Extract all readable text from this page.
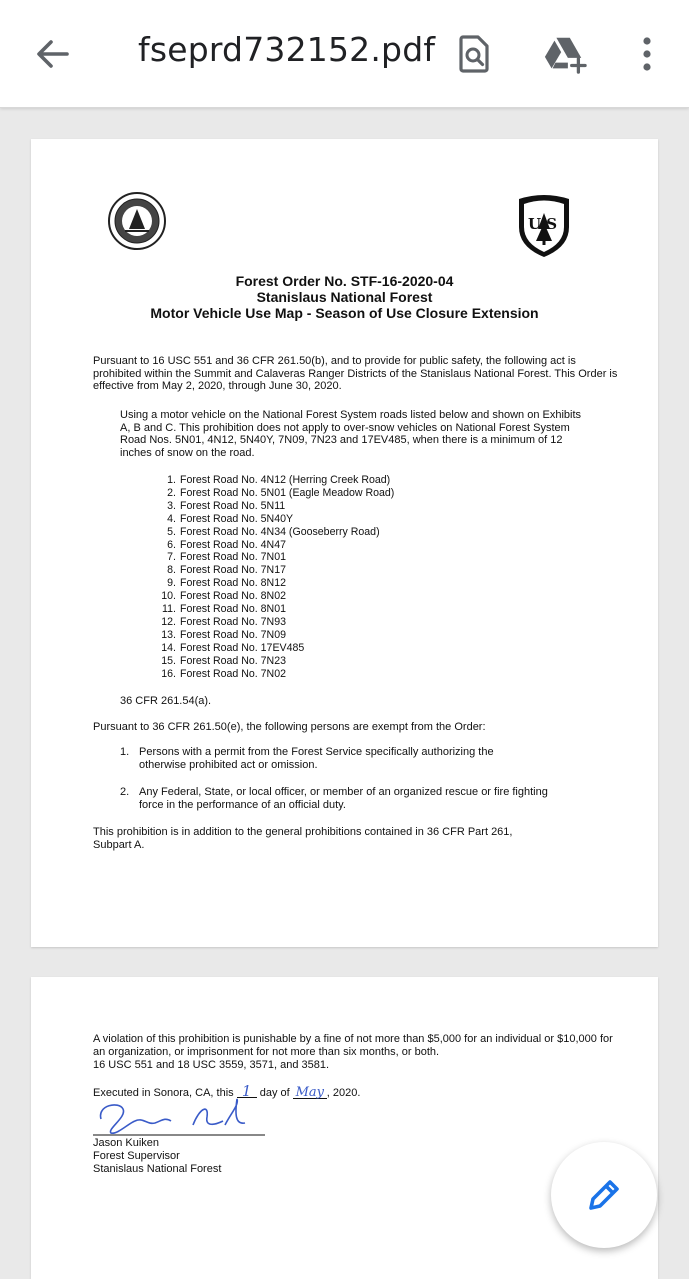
fseprd732152.pdf
U S
Forest Order No. STF-16-2020-04
Stanislaus National Forest
Motor Vehicle Use Map - Season of Use Closure Extension
Pursuant to 16 USC 551 and 36 CFR 261.50(b), and to provide for public safety, the following act is prohibited within the Summit and Calaveras Ranger Districts of the Stanislaus National Forest. This Order is effective from May 2, 2020, through June 30, 2020.
Using a motor vehicle on the National Forest System roads listed below and shown on Exhibits A, B and C. This prohibition does not apply to over-snow vehicles on National Forest System Road Nos. 5N01, 4N12, 5N40Y, 7N09, 7N23 and 17EV485, when there is a minimum of 12 inches of snow on the road.
1. Forest Road No. 4N12 (Herring Creek Road)
2. Forest Road No. 5N01 (Eagle Meadow Road)
3. Forest Road No. 5N11
4. Forest Road No. 5N40Y
5. Forest Road No. 4N34 (Gooseberry Road)
6. Forest Road No. 4N47
7. Forest Road No. 7N01
8. Forest Road No. 7N17
9. Forest Road No. 8N12
10. Forest Road No. 8N02
11. Forest Road No. 8N01
12. Forest Road No. 7N93
13. Forest Road No. 7N09
14. Forest Road No. 17EV485
15. Forest Road No. 7N23
16. Forest Road No. 7N02
36 CFR 261.54(a).
Pursuant to 36 CFR 261.50(e), the following persons are exempt from the Order:
1. Persons with a permit from the Forest Service specifically authorizing the otherwise prohibited act or omission.
2. Any Federal, State, or local officer, or member of an organized rescue or fire fighting force in the performance of an official duty.
This prohibition is in addition to the general prohibitions contained in 36 CFR Part 261, Subpart A.
A violation of this prohibition is punishable by a fine of not more than $5,000 for an individual or $10,000 for an organization, or imprisonment for not more than six months, or both.
16 USC 551 and 18 USC 3559, 3571, and 3581.
Executed in Sonora, CA, this 1 day of May , 2020.
Jason Kuiken
Forest Supervisor
Stanislaus National Forest
